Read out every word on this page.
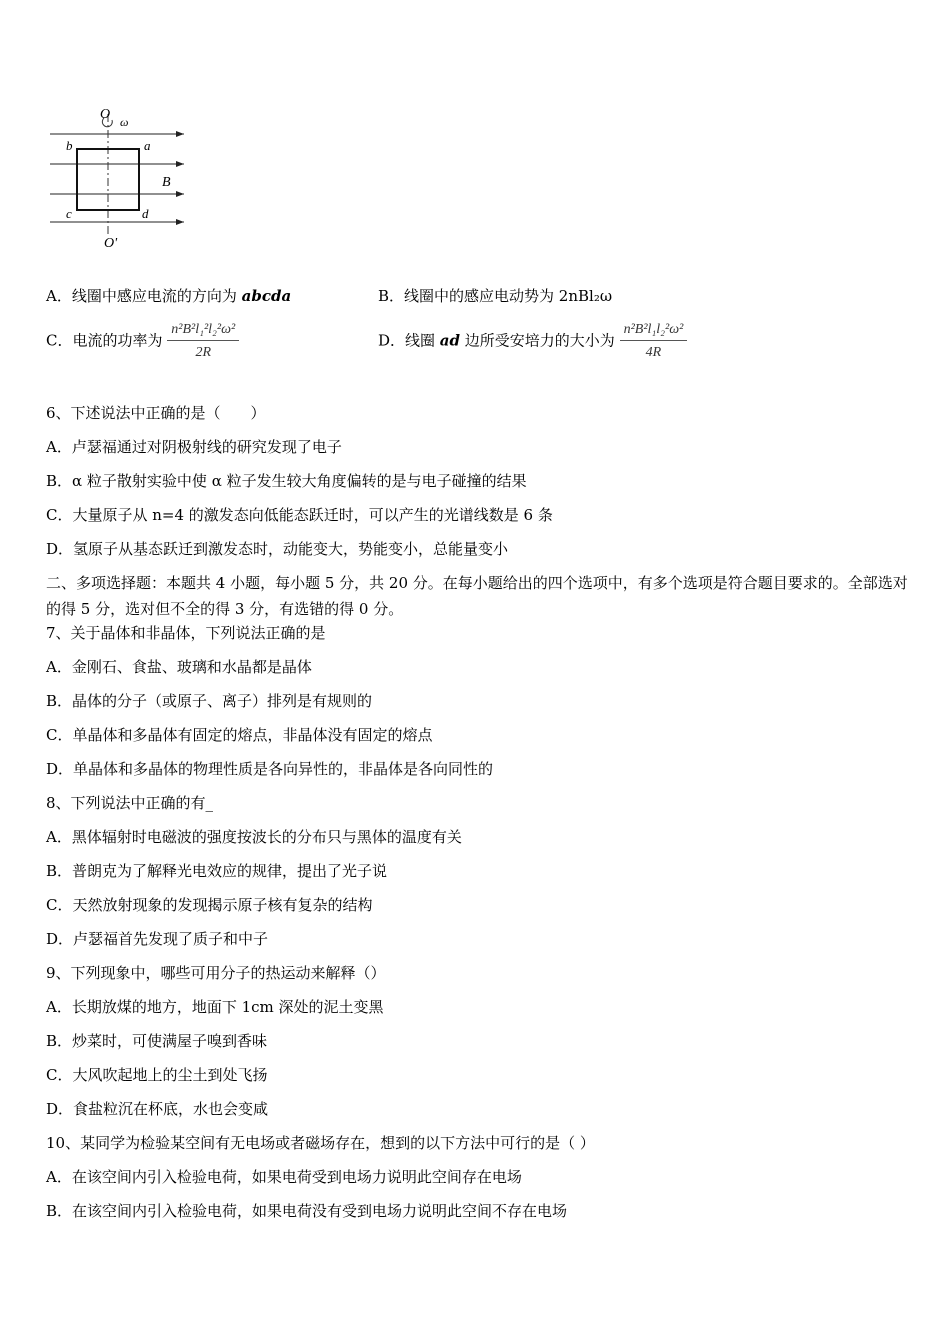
O ω
b	a
B
c	d
O'
A．线圈中感应电流的方向为 abcda	B．线圈中的感应电动势为 2nBl₂ω
C．电流的功率为 $\frac{\text{n²B²l₁²l₂²ω²}}{2R}$	D．线圈 ad 边所受安培力的大小为 $\frac{\text{n²B²l₁l₂²ω²}}{4R}$
6、下述说法中正确的是（　　）
A．卢瑟福通过对阴极射线的研究发现了电子
B．α 粒子散射实验中使 α 粒子发生较大角度偏转的是与电子碰撞的结果
C．大量原子从 n=4 的激发态向低能态跃迁时，可以产生的光谱线数是 6 条
D．氢原子从基态跃迁到激发态时，动能变大，势能变小，总能量变小
二、多项选择题：本题共 4 小题，每小题 5 分，共 20 分。在每小题给出的四个选项中，有多个选项是符合题目要求的。全部选对的得 5 分，选对但不全的得 3 分，有选错的得 0 分。
7、关于晶体和非晶体，下列说法正确的是
A．金刚石、食盐、玻璃和水晶都是晶体
B．晶体的分子（或原子、离子）排列是有规则的
C．单晶体和多晶体有固定的熔点，非晶体没有固定的熔点
D．单晶体和多晶体的物理性质是各向异性的，非晶体是各向同性的
8、下列说法中正确的有_
A．黑体辐射时电磁波的强度按波长的分布只与黑体的温度有关
B．普朗克为了解释光电效应的规律，提出了光子说
C．天然放射现象的发现揭示原子核有复杂的结构
D．卢瑟福首先发现了质子和中子
9、下列现象中，哪些可用分子的热运动来解释（）
A．长期放煤的地方，地面下 1cm 深处的泥土变黑
B．炒菜时，可使满屋子嗅到香味
C．大风吹起地上的尘土到处飞扬
D．食盐粒沉在杯底，水也会变咸
10、某同学为检验某空间有无电场或者磁场存在，想到的以下方法中可行的是（ ）
A．在该空间内引入检验电荷，如果电荷受到电场力说明此空间存在电场
B．在该空间内引入检验电荷，如果电荷没有受到电场力说明此空间不存在电场
